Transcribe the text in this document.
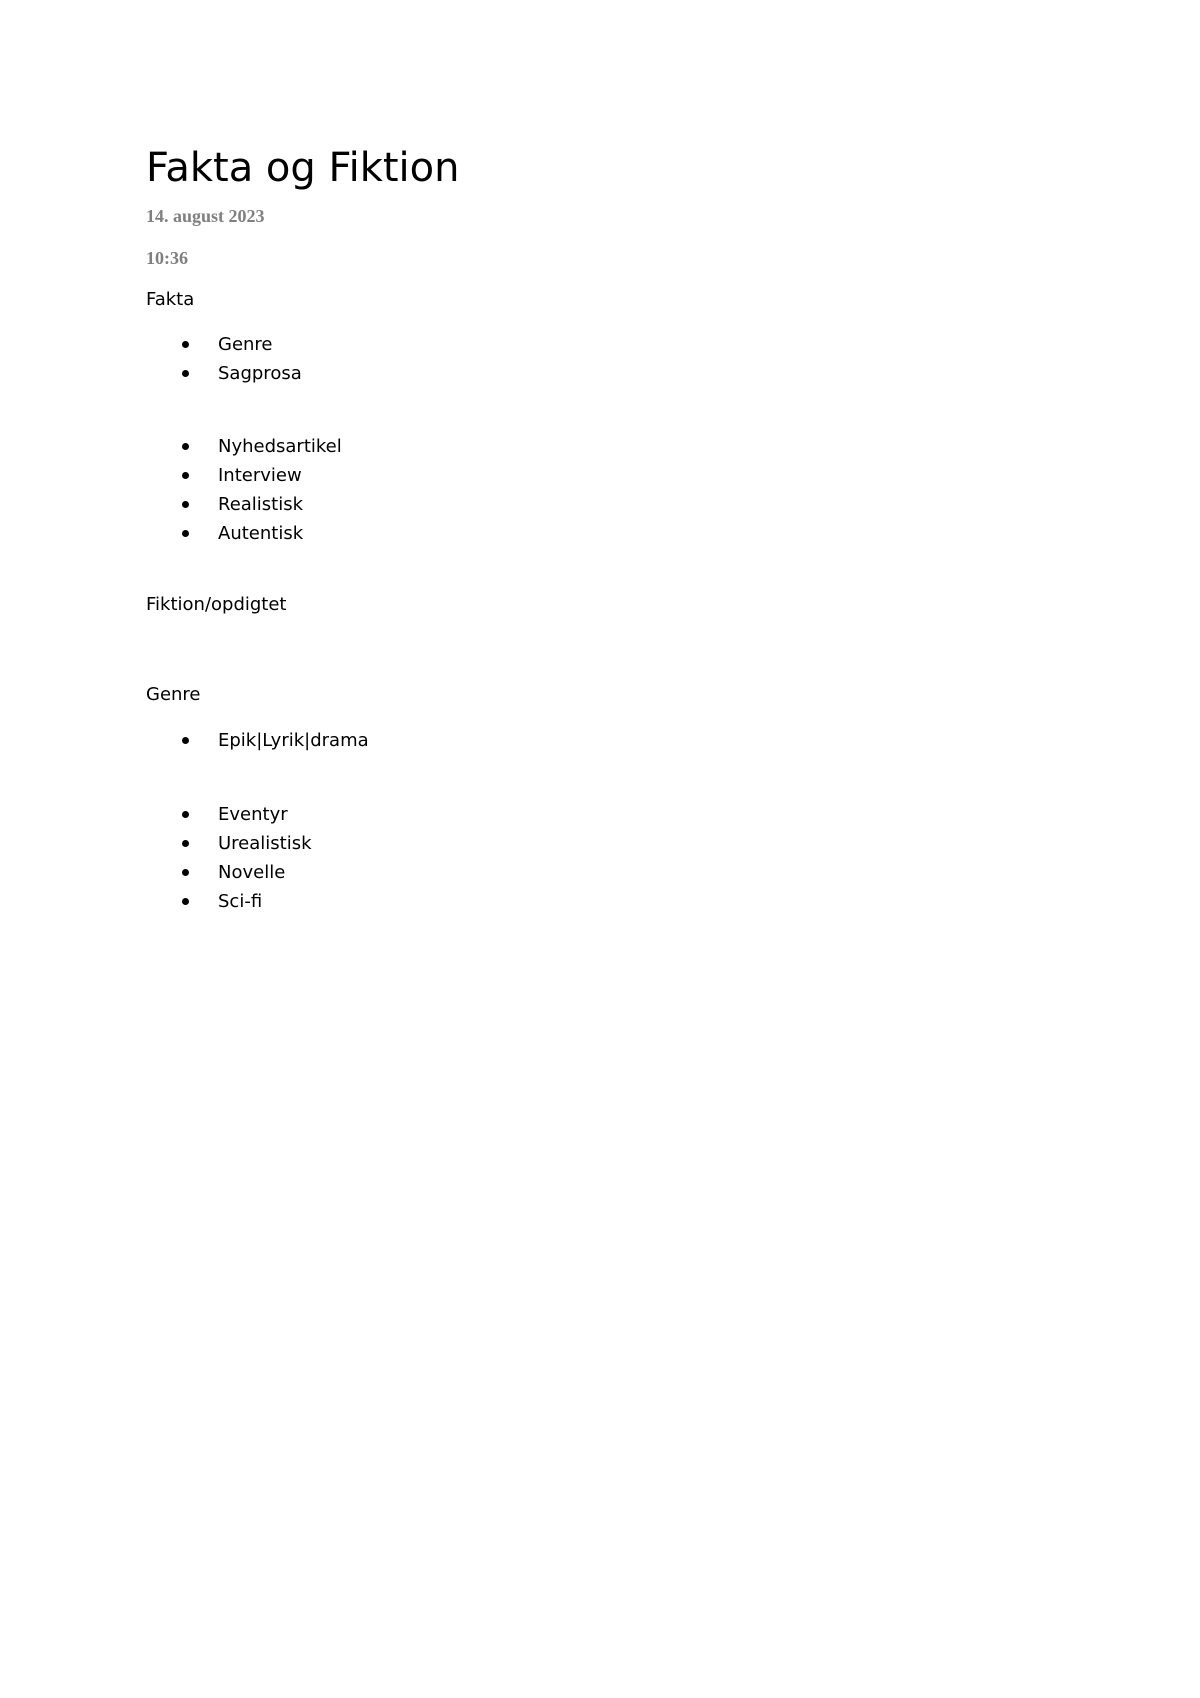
Fakta og Fiktion

14. august 2023

10:36

Fakta

Genre
Sagprosa
Nyhedsartikel
Interview
Realistisk
Autentisk

Fiktion/opdigtet

Genre

Epik|Lyrik|drama
Eventyr
Urealistisk
Novelle
Sci-fi
